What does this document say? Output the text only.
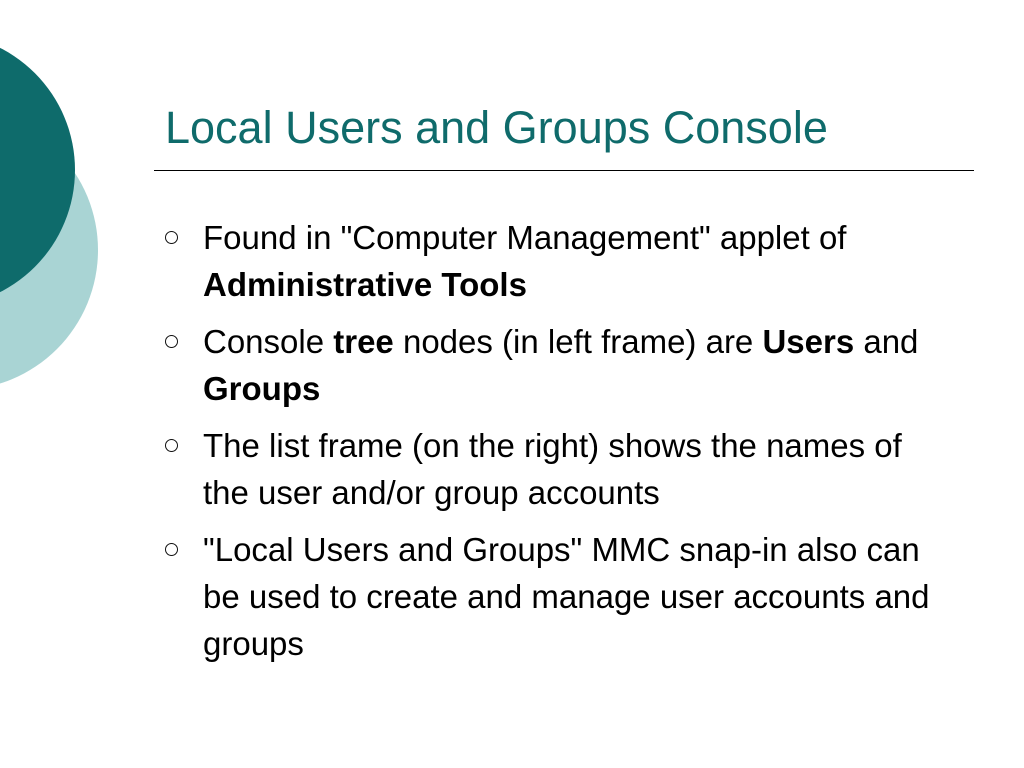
Local Users and Groups Console
Found in "Computer Management" applet of Administrative Tools
Console tree nodes (in left frame) are Users and Groups
The list frame (on the right) shows the names of the user and/or group accounts
"Local Users and Groups" MMC snap-in also can be used to create and manage user accounts and groups
